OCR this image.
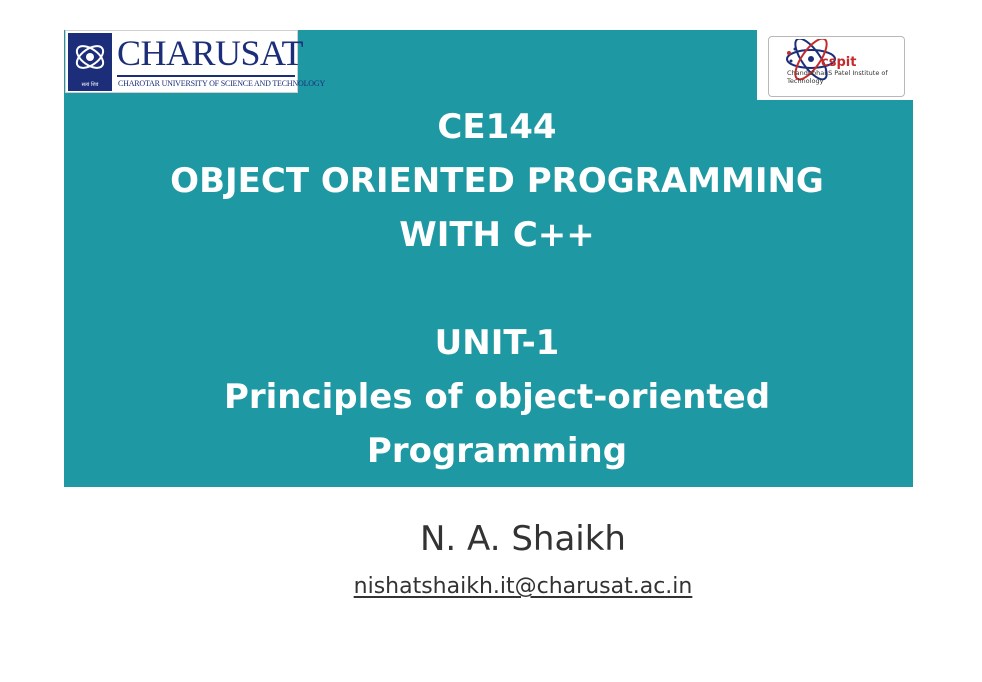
सत्यं शिवं
CHARUSAT
CHAROTAR UNIVERSITY OF SCIENCE AND TECHNOLOGY
cspit
Chandubhai S Patel Institute of Technology
CE144
OBJECT ORIENTED PROGRAMMING
WITH C++
UNIT-1
Principles of object-oriented
Programming
N. A. Shaikh
nishatshaikh.it@charusat.ac.in
